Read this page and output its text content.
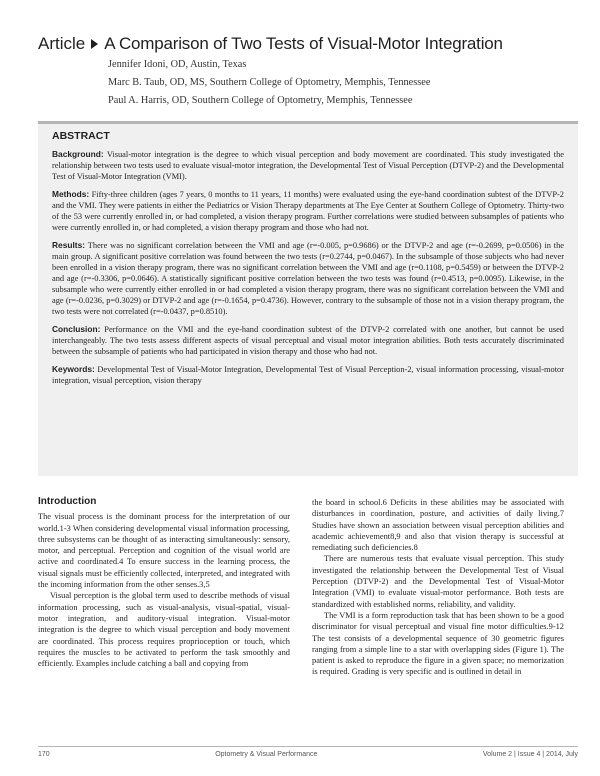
Article A Comparison of Two Tests of Visual-Motor Integration
Jennifer Idoni, OD, Austin, Texas
Marc B. Taub, OD, MS, Southern College of Optometry, Memphis, Tennessee
Paul A. Harris, OD, Southern College of Optometry, Memphis, Tennessee
ABSTRACT

Background: Visual-motor integration is the degree to which visual perception and body movement are coordinated. This study investigated the relationship between two tests used to evaluate visual-motor integration, the Developmental Test of Visual Perception (DTVP-2) and the Developmental Test of Visual-Motor Integration (VMI).

Methods: Fifty-three children (ages 7 years, 0 months to 11 years, 11 months) were evaluated using the eye-hand coordination subtest of the DTVP-2 and the VMI. They were patients in either the Pediatrics or Vision Therapy departments at The Eye Center at Southern College of Optometry. Thirty-two of the 53 were currently enrolled in, or had completed, a vision therapy program. Further correlations were studied between subsamples of patients who were currently enrolled in, or had completed, a vision therapy program and those who had not.

Results: There was no significant correlation between the VMI and age (r=-0.005, p=0.9686) or the DTVP-2 and age (r=-0.2699, p=0.0506) in the main group. A significant positive correlation was found between the two tests (r=0.2744, p=0.0467). In the subsample of those subjects who had never been enrolled in a vision therapy program, there was no significant correlation between the VMI and age (r=0.1108, p=0.5459) or between the DTVP-2 and age (r=-0.3306, p=0.0646). A statistically significant positive correlation between the two tests was found (r=0.4513, p=0.0095). Likewise, in the subsample who were currently either enrolled in or had completed a vision therapy program, there was no significant correlation between the VMI and age (r=-0.0236, p=0.3029) or DTVP-2 and age (r=-0.1654, p=0.4736). However, contrary to the subsample of those not in a vision therapy program, the two tests were not correlated (r=-0.0437, p=0.8510).

Conclusion: Performance on the VMI and the eye-hand coordination subtest of the DTVP-2 correlated with one another, but cannot be used interchangeably. The two tests assess different aspects of visual perceptual and visual motor integration abilities. Both tests accurately discriminated between the subsample of patients who had participated in vision therapy and those who had not.

Keywords: Developmental Test of Visual-Motor Integration, Developmental Test of Visual Perception-2, visual information processing, visual-motor integration, visual perception, vision therapy

Introduction

The visual process is the dominant process for the interpretation of our world.1-3 When considering developmental visual information processing, three subsystems can be thought of as interacting simultaneously: sensory, motor, and perceptual. Perception and cognition of the visual world are active and coordinated.4 To ensure success in the learning process, the visual signals must be efficiently collected, interpreted, and integrated with the incoming information from the other senses.3,5

Visual perception is the global term used to describe methods of visual information processing, such as visual-analysis, visual-spatial, visual-motor integration, and auditory-visual integration. Visual-motor integration is the degree to which visual perception and body movement are coordinated. This process requires proprioception or touch, which requires the muscles to be activated to perform the task smoothly and efficiently. Examples include catching a ball and copying from

the board in school.6 Deficits in these abilities may be associated with disturbances in coordination, posture, and activities of daily living.7 Studies have shown an association between visual perception abilities and academic achievement8,9 and also that vision therapy is successful at remediating such deficiencies.8

There are numerous tests that evaluate visual perception. This study investigated the relationship between the Developmental Test of Visual Perception (DTVP-2) and the Developmental Test of Visual-Motor Integration (VMI) to evaluate visual-motor performance. Both tests are standardized with established norms, reliability, and validity.

The VMI is a form reproduction task that has been shown to be a good discriminator for visual perceptual and visual fine motor difficulties.9-12 The test consists of a developmental sequence of 30 geometric figures ranging from a simple line to a star with overlapping sides (Figure 1). The patient is asked to reproduce the figure in a given space; no memorization is required. Grading is very specific and is outlined in detail in

170	Optometry & Visual Performance	Volume 2 | Issue 4 | 2014, July
